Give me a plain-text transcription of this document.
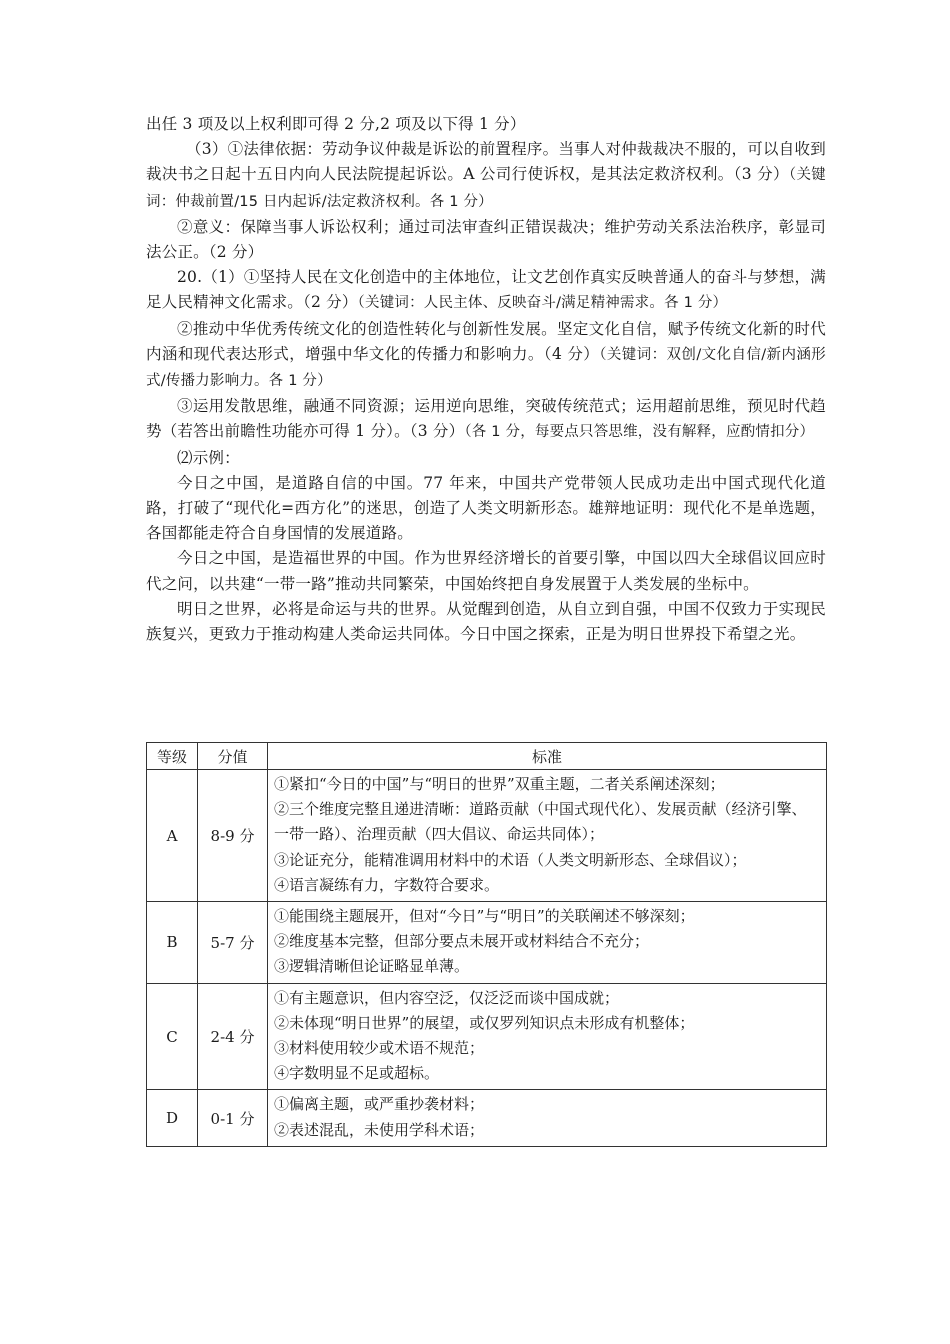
出任 3 项及以上权利即可得 2 分,2 项及以下得 1 分）

（3）①法律依据：劳动争议仲裁是诉讼的前置程序。当事人对仲裁裁决不服的，可以自收到裁决书之日起十五日内向人民法院提起诉讼。A 公司行使诉权，是其法定救济权利。（3 分）（关键词：仲裁前置/15 日内起诉/法定救济权利。各 1 分）

②意义：保障当事人诉讼权利；通过司法审查纠正错误裁决；维护劳动关系法治秩序，彰显司法公正。（2 分）

20.（1）①坚持人民在文化创造中的主体地位，让文艺创作真实反映普通人的奋斗与梦想，满足人民精神文化需求。（2 分）（关键词：人民主体、反映奋斗/满足精神需求。各 1 分）

②推动中华优秀传统文化的创造性转化与创新性发展。坚定文化自信，赋予传统文化新的时代内涵和现代表达形式，增强中华文化的传播力和影响力。（4 分）（关键词：双创/文化自信/新内涵形式/传播力影响力。各 1 分）

③运用发散思维，融通不同资源；运用逆向思维，突破传统范式；运用超前思维，预见时代趋势（若答出前瞻性功能亦可得 1 分）。（3 分）（各 1 分，每要点只答思维，没有解释，应酌情扣分）

⑵示例：

今日之中国，是道路自信的中国。77 年来，中国共产党带领人民成功走出中国式现代化道路，打破了“现代化=西方化”的迷思，创造了人类文明新形态。雄辩地证明：现代化不是单选题，各国都能走符合自身国情的发展道路。

今日之中国，是造福世界的中国。作为世界经济增长的首要引擎，中国以四大全球倡议回应时代之问，以共建“一带一路”推动共同繁荣，中国始终把自身发展置于人类发展的坐标中。

明日之世界，必将是命运与共的世界。从觉醒到创造，从自立到自强，中国不仅致力于实现民族复兴，更致力于推动构建人类命运共同体。今日中国之探索，正是为明日世界投下希望之光。

等级	分值	标准
A	8-9 分	①紧扣“今日的中国”与“明日的世界”双重主题，二者关系阐述深刻；
②三个维度完整且递进清晰：道路贡献（中国式现代化）、发展贡献（经济引擎、一带一路）、治理贡献（四大倡议、命运共同体）；
③论证充分，能精准调用材料中的术语（人类文明新形态、全球倡议）；
④语言凝练有力，字数符合要求。

B	5-7 分	①能围绕主题展开，但对“今日”与“明日”的关联阐述不够深刻；
②维度基本完整，但部分要点未展开或材料结合不充分；
③逻辑清晰但论证略显单薄。

C	2-4 分	①有主题意识，但内容空泛，仅泛泛而谈中国成就；
②未体现“明日世界”的展望，或仅罗列知识点未形成有机整体；
③材料使用较少或术语不规范；
④字数明显不足或超标。

D	0-1 分	①偏离主题，或严重抄袭材料；
②表述混乱，未使用学科术语；
